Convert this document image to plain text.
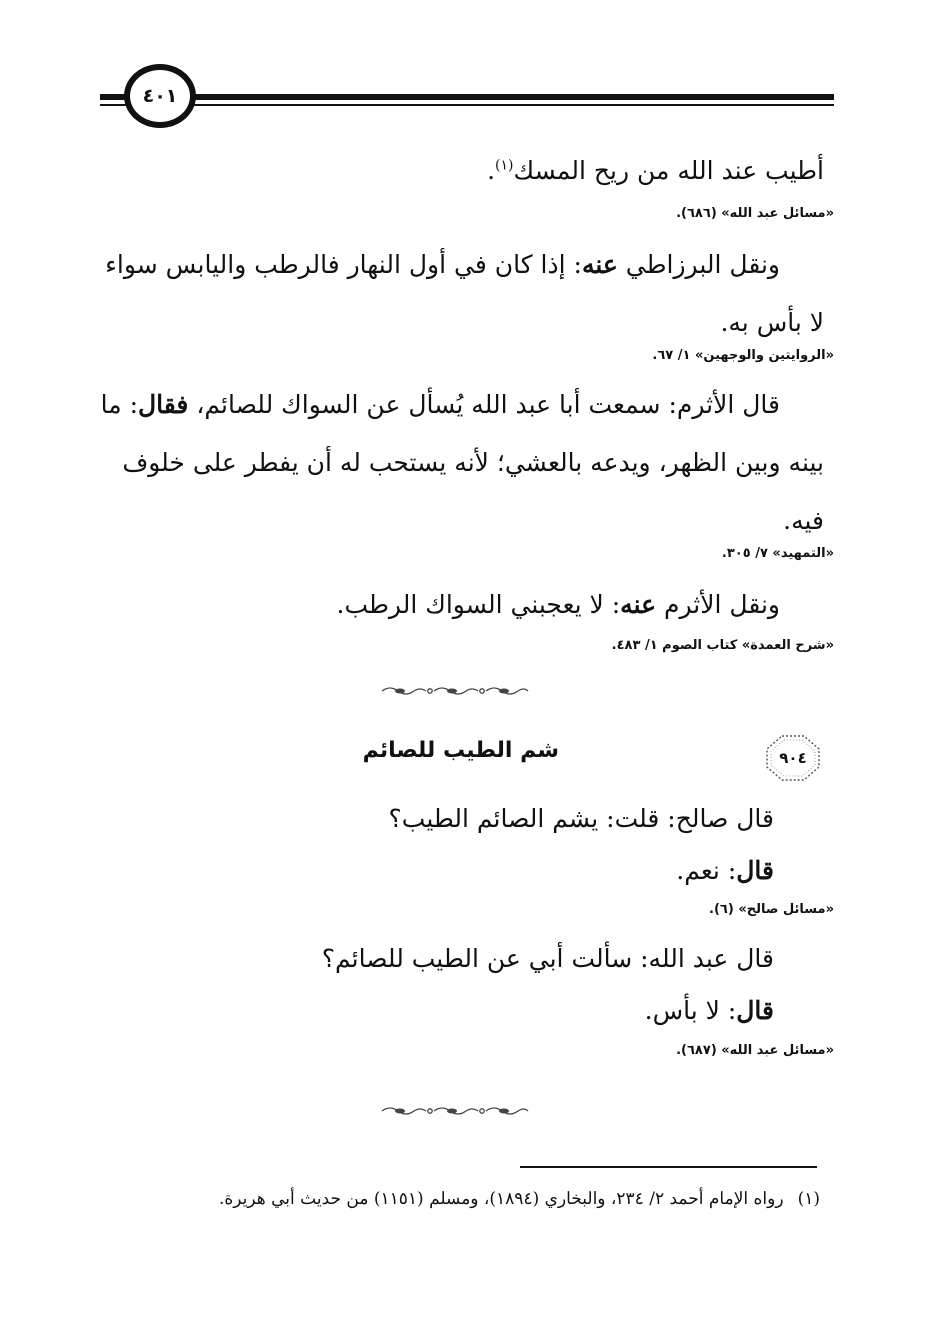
٤٠١
أطيب عند الله من ريح المسك$^{(١)}$.
«مسائل عبد الله» (٦٨٦).
ونقل البرزاطي عنه: إذا كان في أول النهار فالرطب واليابس سواء لا بأس به.
«الروايتين والوجهين» ١/ ٦٧.
قال الأثرم: سمعت أبا عبد الله يُسأل عن السواك للصائم، فقال: ما بينه وبين الظهر، ويدعه بالعشي؛ لأنه يستحب له أن يفطر على خلوف فيه.
«التمهيد» ٧/ ٣٠٥.
ونقل الأثرم عنه: لا يعجبني السواك الرطب.
«شرح العمدة» كتاب الصوم ١/ ٤٨٣.
٩٠٤
شم الطيب للصائم
قال صالح: قلت: يشم الصائم الطيب؟
قال: نعم.
«مسائل صالح» (٦).
قال عبد الله: سألت أبي عن الطيب للصائم؟
قال: لا بأس.
«مسائل عبد الله» (٦٨٧).
(١)رواه الإمام أحمد ٢/ ٢٣٤، والبخاري (١٨٩٤)، ومسلم (١١٥١) من حديث أبي هريرة.
